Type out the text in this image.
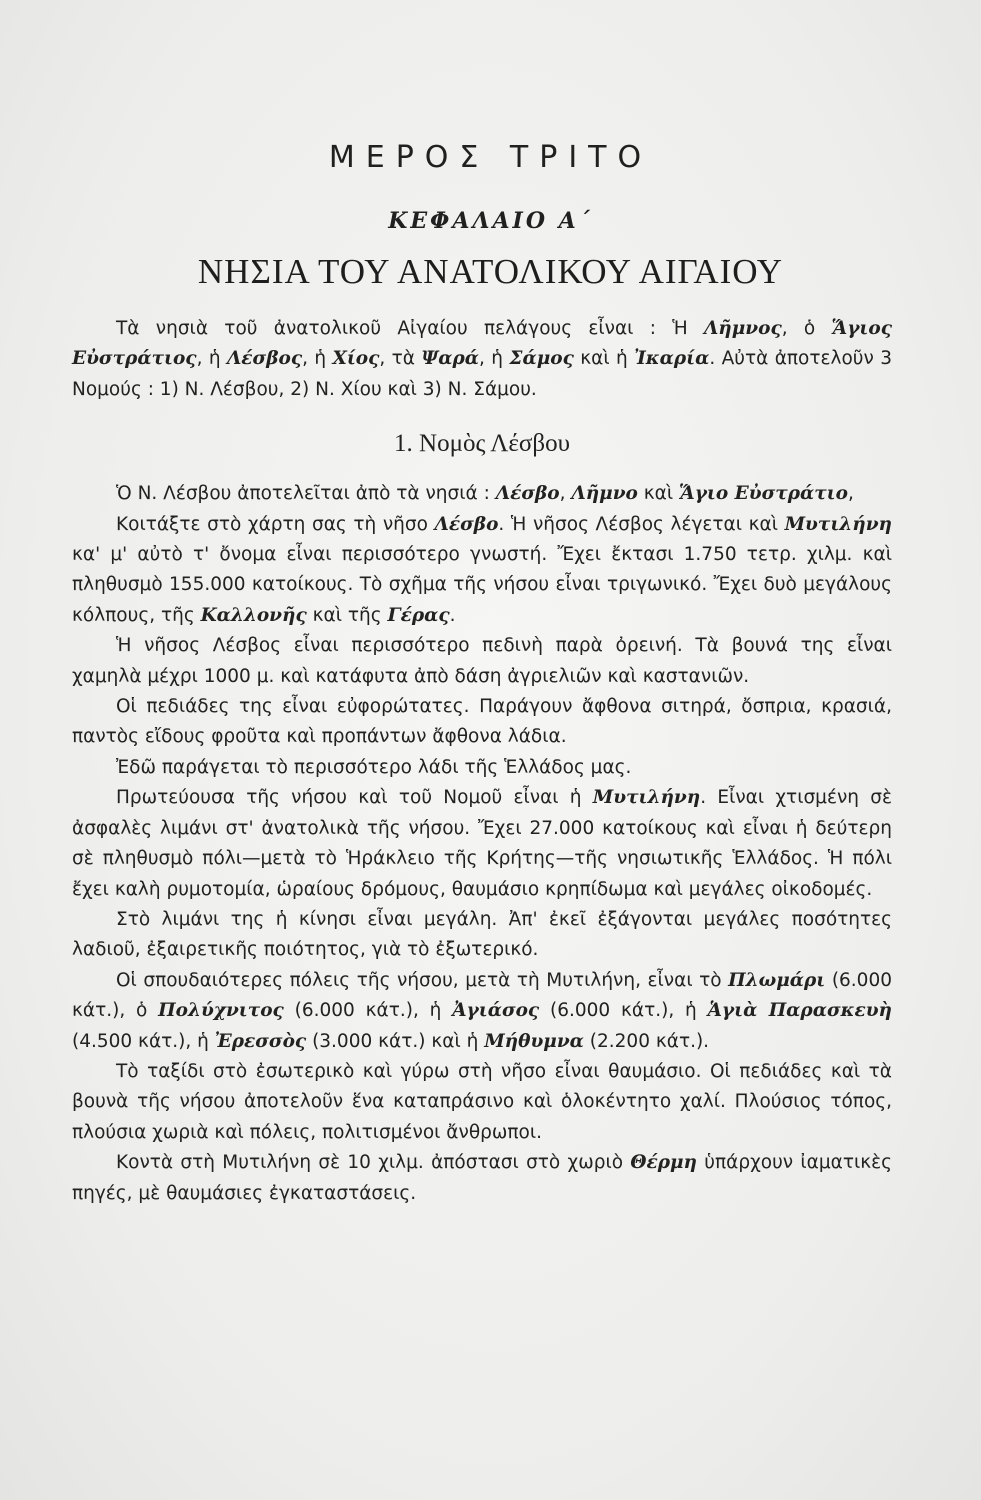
ΜΕΡΟΣ ΤΡΙΤΟ
ΚΕΦΑΛΑΙΟ Α΄
ΝΗΣΙΑ ΤΟΥ ΑΝΑΤΟΛΙΚΟΥ ΑΙΓΑΙΟΥ

Τὰ νησιὰ τοῦ ἀνατολικοῦ Αἰγαίου πελάγους εἶναι : Ἡ Λῆμνος, ὁ Ἅγιος Εὐστράτιος, ἡ Λέσβος, ἡ Χίος, τὰ Ψαρά, ἡ Σάμος καὶ ἡ Ἰκαρία. Αὐτὰ ἀποτελοῦν 3 Νομούς : 1) Ν. Λέσβου, 2) Ν. Χίου καὶ 3) Ν. Σάμου.

1. Νομὸς Λέσβου

Ὁ Ν. Λέσβου ἀποτελεῖται ἀπὸ τὰ νησιά : Λέσβο, Λῆμνο καὶ Ἅγιο Εὐστράτιο,

Κοιτάξτε στὸ χάρτη σας τὴ νῆσο Λέσβο. Ἡ νῆσος Λέσβος λέγεται καὶ Μυτιλήνη κα' μ' αὐτὸ τ' ὄνομα εἶναι περισσότερο γνωστή. Ἔχει ἔκτασι 1.750 τετρ. χιλμ. καὶ πληθυσμὸ 155.000 κατοίκους. Τὸ σχῆμα τῆς νήσου εἶναι τριγωνικό. Ἔχει δυὸ μεγάλους κόλπους, τῆς Καλλονῆς καὶ τῆς Γέρας.

Ἡ νῆσος Λέσβος εἶναι περισσότερο πεδινὴ παρὰ ὀρεινή. Τὰ βουνά της εἶναι χαμηλὰ μέχρι 1000 μ. καὶ κατάφυτα ἀπὸ δάση ἀγριελιῶν καὶ καστανιῶν.

Οἱ πεδιάδες της εἶναι εὐφορώτατες. Παράγουν ἄφθονα σιτηρά, ὄσπρια, κρασιά, παντὸς εἴδους φροῦτα καὶ προπάντων ἄφθονα λάδια.

Ἐδῶ παράγεται τὸ περισσότερο λάδι τῆς Ἑλλάδος μας.

Πρωτεύουσα τῆς νήσου καὶ τοῦ Νομοῦ εἶναι ἡ Μυτιλήνη. Εἶναι χτισμένη σὲ ἀσφαλὲς λιμάνι στ' ἀνατολικὰ τῆς νήσου. Ἔχει 27.000 κατοίκους καὶ εἶναι ἡ δεύτερη σὲ πληθυσμὸ πόλι—μετὰ τὸ Ἡράκλειο τῆς Κρήτης—τῆς νησιωτικῆς Ἑλλάδος. Ἡ πόλι ἔχει καλὴ ρυμοτομία, ὡραίους δρόμους, θαυμάσιο κρηπίδωμα καὶ μεγάλες οἰκοδομές.

Στὸ λιμάνι της ἡ κίνησι εἶναι μεγάλη. Ἀπ' ἐκεῖ ἐξάγονται μεγάλες ποσότητες λαδιοῦ, ἐξαιρετικῆς ποιότητος, γιὰ τὸ ἐξωτερικό.

Οἱ σπουδαιότερες πόλεις τῆς νήσου, μετὰ τὴ Μυτιλήνη, εἶναι τὸ Πλωμάρι (6.000 κάτ.), ὁ Πολύχνιτος (6.000 κάτ.), ἡ Ἀγιάσος (6.000 κάτ.), ἡ Ἁγιὰ Παρασκευὴ (4.500 κάτ.), ἡ Ἐρεσσὸς (3.000 κάτ.) καὶ ἡ Μήθυμνα (2.200 κάτ.).

Τὸ ταξίδι στὸ ἐσωτερικὸ καὶ γύρω στὴ νῆσο εἶναι θαυμάσιο. Οἱ πεδιάδες καὶ τὰ βουνὰ τῆς νήσου ἀποτελοῦν ἕνα καταπράσινο καὶ ὁλοκέντητο χαλί. Πλούσιος τόπος, πλούσια χωριὰ καὶ πόλεις, πολιτισμένοι ἄνθρωποι.

Κοντὰ στὴ Μυτιλήνη σὲ 10 χιλμ. ἀπόστασι στὸ χωριὸ Θέρμη ὑπάρχουν ἰαματικὲς πηγές, μὲ θαυμάσιες ἐγκαταστάσεις.
